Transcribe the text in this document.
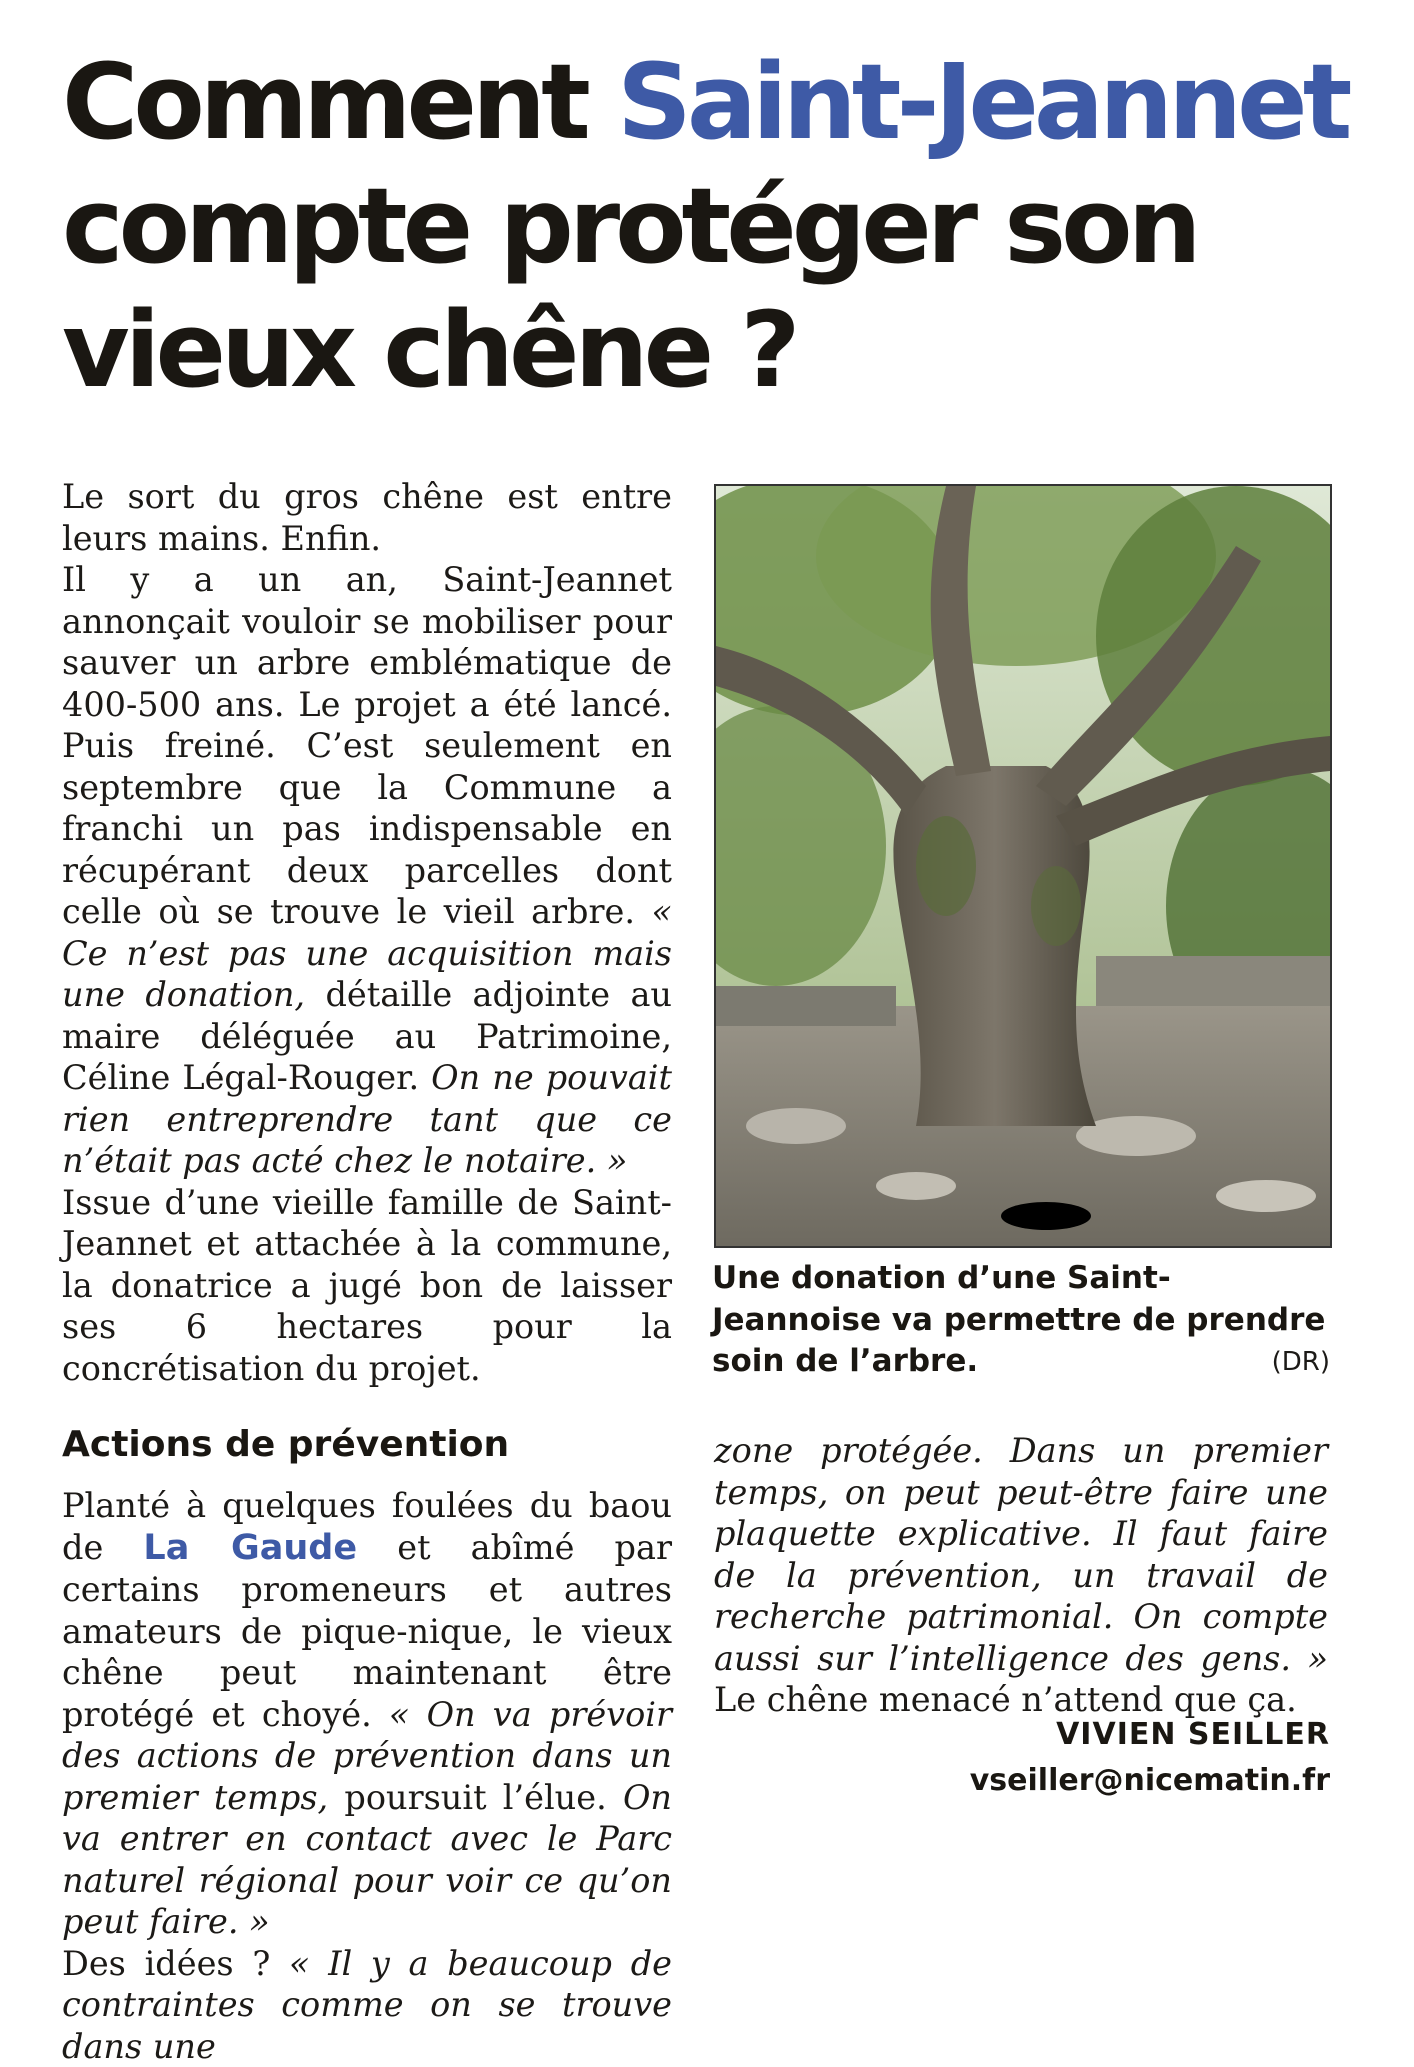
Comment Saint-Jeannet
compte protéger son vieux chêne ?

Le sort du gros chêne est entre leurs mains. Enfin.

Il y a un an, Saint-Jeannet annonçait vouloir se mobiliser pour sauver un arbre emblématique de 400-500 ans. Le projet a été lancé. Puis freiné. C’est seulement en septembre que la Commune a franchi un pas indispensable en récupérant deux parcelles dont celle où se trouve le vieil arbre. « Ce n’est pas une acquisition mais une donation, détaille adjointe au maire déléguée au Patrimoine, Céline Légal-Rouger. On ne pouvait rien entreprendre tant que ce n’était pas acté chez le notaire. »

Issue d’une vieille famille de Saint-Jeannet et attachée à la commune, la donatrice a jugé bon de laisser ses 6 hectares pour la concrétisation du projet.

Actions de prévention

Planté à quelques foulées du baou de La Gaude et abîmé par certains promeneurs et autres amateurs de pique-nique, le vieux chêne peut maintenant être protégé et choyé. « On va prévoir des actions de prévention dans un premier temps, poursuit l’élue. On va entrer en contact avec le Parc naturel régional pour voir ce qu’on peut faire. »

Des idées ? « Il y a beaucoup de contraintes comme on se trouve dans une

Une donation d’une Saint-Jeannoise va permettre de prendre soin de l’arbre.	(DR)

zone protégée. Dans un premier temps, on peut peut-être faire une plaquette explicative. Il faut faire de la prévention, un travail de recherche patrimonial. On compte aussi sur l’intelligence des gens. » Le chêne menacé n’attend que ça.

VIVIEN SEILLER
vseiller@nicematin.fr
